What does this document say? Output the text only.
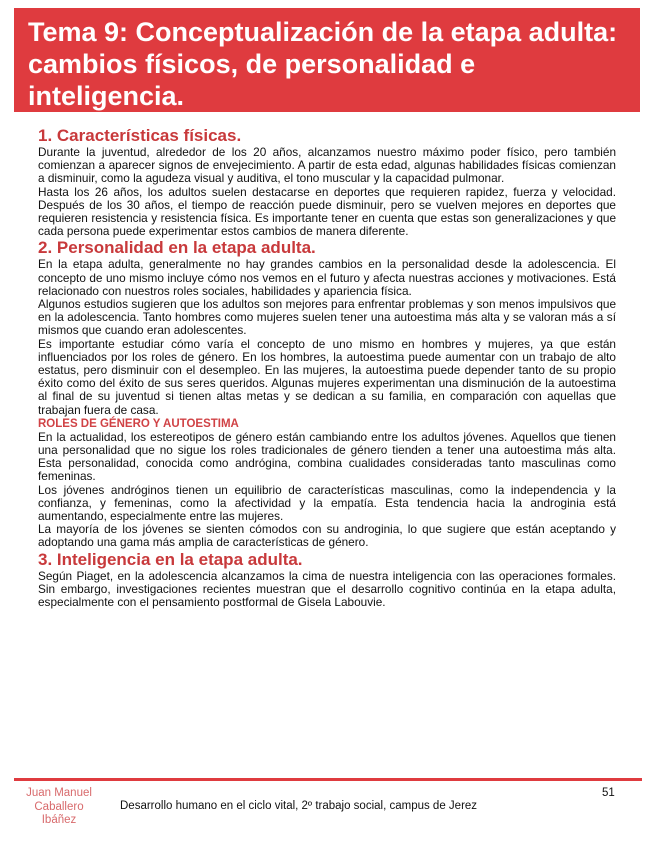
Tema 9: Conceptualización de la etapa adulta: cambios físicos, de personalidad e inteligencia.
1. Características físicas.

Durante la juventud, alrededor de los 20 años, alcanzamos nuestro máximo poder físico, pero también comienzan a aparecer signos de envejecimiento. A partir de esta edad, algunas habilidades físicas comienzan a disminuir, como la agudeza visual y auditiva, el tono muscular y la capacidad pulmonar.

Hasta los 26 años, los adultos suelen destacarse en deportes que requieren rapidez, fuerza y velocidad. Después de los 30 años, el tiempo de reacción puede disminuir, pero se vuelven mejores en deportes que requieren resistencia y resistencia física. Es importante tener en cuenta que estas son generalizaciones y que cada persona puede experimentar estos cambios de manera diferente.

2. Personalidad en la etapa adulta.

En la etapa adulta, generalmente no hay grandes cambios en la personalidad desde la adolescencia. El concepto de uno mismo incluye cómo nos vemos en el futuro y afecta nuestras acciones y motivaciones. Está relacionado con nuestros roles sociales, habilidades y apariencia física.

Algunos estudios sugieren que los adultos son mejores para enfrentar problemas y son menos impulsivos que en la adolescencia. Tanto hombres como mujeres suelen tener una autoestima más alta y se valoran más a sí mismos que cuando eran adolescentes.

Es importante estudiar cómo varía el concepto de uno mismo en hombres y mujeres, ya que están influenciados por los roles de género. En los hombres, la autoestima puede aumentar con un trabajo de alto estatus, pero disminuir con el desempleo. En las mujeres, la autoestima puede depender tanto de su propio éxito como del éxito de sus seres queridos. Algunas mujeres experimentan una disminución de la autoestima al final de su juventud si tienen altas metas y se dedican a su familia, en comparación con aquellas que trabajan fuera de casa.

ROLES DE GÉNERO Y AUTOESTIMA

En la actualidad, los estereotipos de género están cambiando entre los adultos jóvenes. Aquellos que tienen una personalidad que no sigue los roles tradicionales de género tienden a tener una autoestima más alta. Esta personalidad, conocida como andrógina, combina cualidades consideradas tanto masculinas como femeninas.

Los jóvenes andróginos tienen un equilibrio de características masculinas, como la independencia y la confianza, y femeninas, como la afectividad y la empatía. Esta tendencia hacia la androginia está aumentando, especialmente entre las mujeres.

La mayoría de los jóvenes se sienten cómodos con su androginia, lo que sugiere que están aceptando y adoptando una gama más amplia de características de género.

3. Inteligencia en la etapa adulta.

Según Piaget, en la adolescencia alcanzamos la cima de nuestra inteligencia con las operaciones formales. Sin embargo, investigaciones recientes muestran que el desarrollo cognitivo continúa en la etapa adulta, especialmente con el pensamiento postformal de Gisela Labouvie.

Juan Manuel
Caballero
Ibáñez
Desarrollo humano en el ciclo vital, 2º trabajo social, campus de Jerez
51
